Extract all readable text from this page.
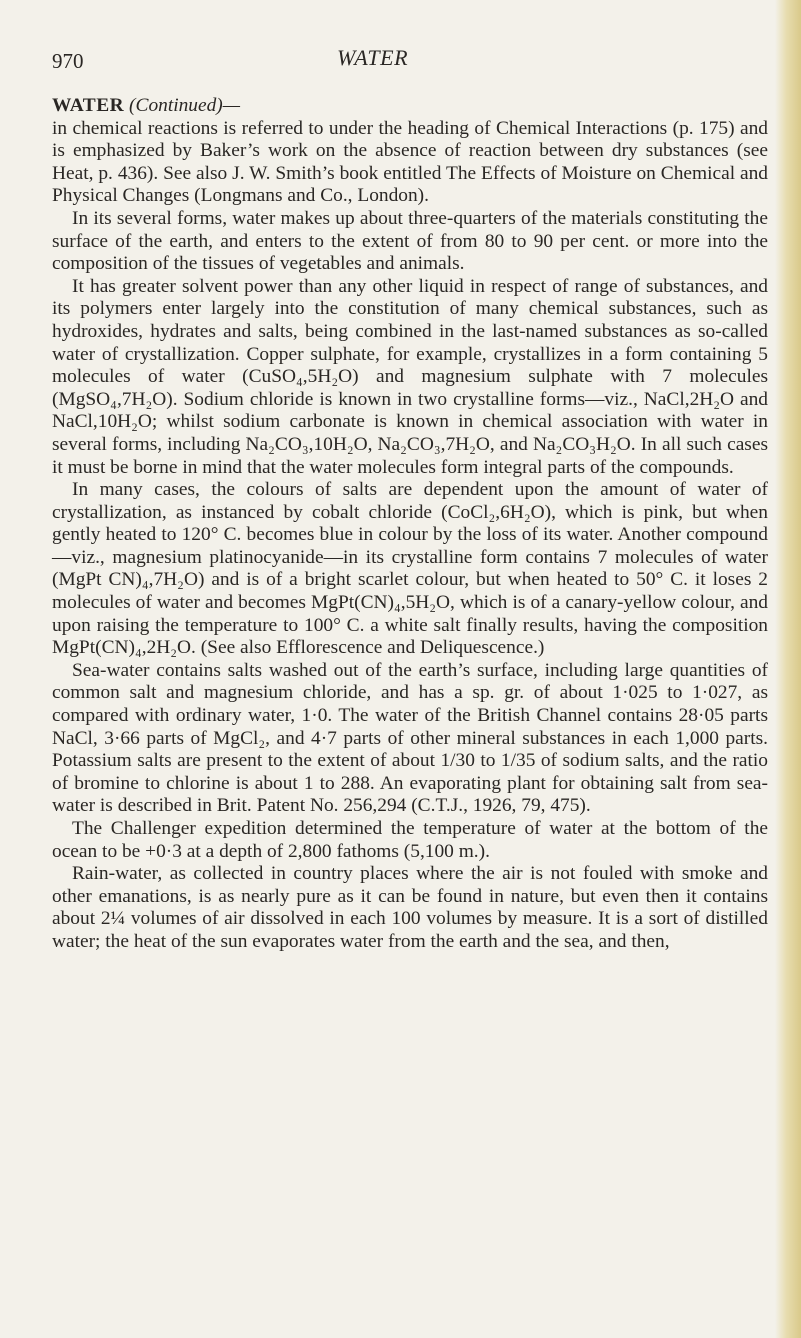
970	WATER

WATER (Continued)—
in chemical reactions is referred to under the heading of Chemical Interactions (p. 175) and is emphasized by Baker’s work on the absence of reaction between dry substances (see Heat, p. 436). See also J. W. Smith’s book entitled The Effects of Moisture on Chemical and Physical Changes (Longmans and Co., London).

In its several forms, water makes up about three-quarters of the materials constituting the surface of the earth, and enters to the extent of from 80 to 90 per cent. or more into the composition of the tissues of vegetables and animals.

It has greater solvent power than any other liquid in respect of range of substances, and its polymers enter largely into the constitution of many chemical substances, such as hydroxides, hydrates and salts, being combined in the last-named substances as so-called water of crystallization. Copper sulphate, for example, crystallizes in a form containing 5 molecules of water (CuSO₄,5H₂O) and magnesium sulphate with 7 molecules (MgSO₄,7H₂O). Sodium chloride is known in two crystalline forms—viz., NaCl,2H₂O and NaCl,10H₂O; whilst sodium carbonate is known in chemical association with water in several forms, including Na₂CO₃,10H₂O, Na₂CO₃,7H₂O, and Na₂CO₃H₂O. In all such cases it must be borne in mind that the water molecules form integral parts of the compounds.

In many cases, the colours of salts are dependent upon the amount of water of crystallization, as instanced by cobalt chloride (CoCl₂,6H₂O), which is pink, but when gently heated to 120° C. becomes blue in colour by the loss of its water. Another compound—viz., magnesium platinocyanide—in its crystalline form contains 7 molecules of water (MgPt CN)₄,7H₂O) and is of a bright scarlet colour, but when heated to 50° C. it loses 2 molecules of water and becomes MgPt(CN)₄,5H₂O, which is of a canary-yellow colour, and upon raising the temperature to 100° C. a white salt finally results, having the composition MgPt(CN)₄,2H₂O. (See also Efflorescence and Deliquescence.)

Sea-water contains salts washed out of the earth’s surface, including large quantities of common salt and magnesium chloride, and has a sp. gr. of about 1·025 to 1·027, as compared with ordinary water, 1·0. The water of the British Channel contains 28·05 parts NaCl, 3·66 parts of MgCl₂, and 4·7 parts of other mineral substances in each 1,000 parts. Potassium salts are present to the extent of about 1/30 to 1/35 of sodium salts, and the ratio of bromine to chlorine is about 1 to 288. An evaporating plant for obtaining salt from sea-water is described in Brit. Patent No. 256,294 (C.T.J., 1926, 79, 475).

The Challenger expedition determined the temperature of water at the bottom of the ocean to be +0·3 at a depth of 2,800 fathoms (5,100 m.).

Rain-water, as collected in country places where the air is not fouled with smoke and other emanations, is as nearly pure as it can be found in nature, but even then it contains about 2¼ volumes of air dissolved in each 100 volumes by measure. It is a sort of distilled water; the heat of the sun evaporates water from the earth and the sea, and then,
